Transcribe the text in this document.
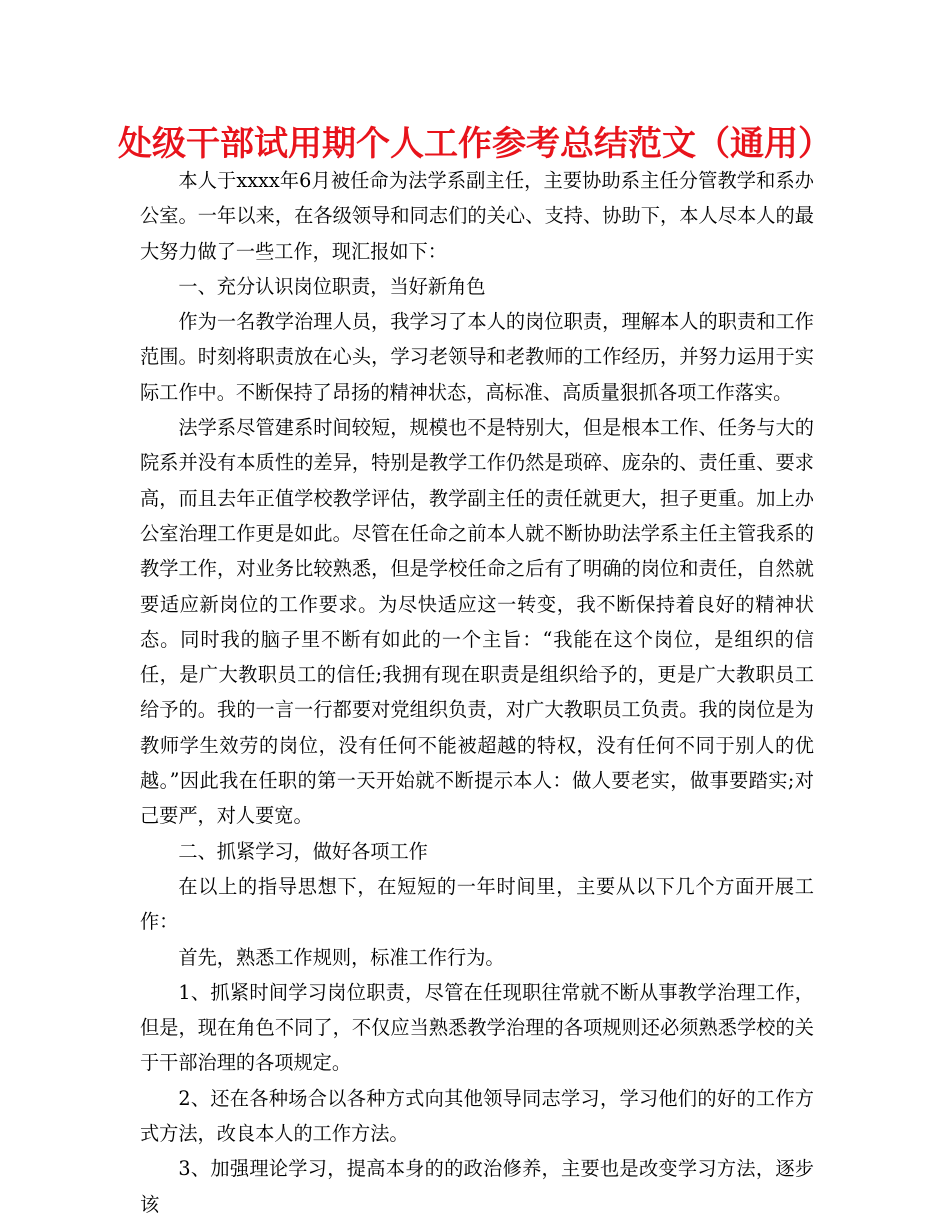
处级干部试用期个人工作参考总结范文（通用）

本人于xxxx年6月被任命为法学系副主任，主要协助系主任分管教学和系办公室。一年以来，在各级领导和同志们的关心、支持、协助下，本人尽本人的最大努力做了一些工作，现汇报如下：

一、充分认识岗位职责，当好新角色

作为一名教学治理人员，我学习了本人的岗位职责，理解本人的职责和工作范围。时刻将职责放在心头，学习老领导和老教师的工作经历，并努力运用于实际工作中。不断保持了昂扬的精神状态，高标准、高质量狠抓各项工作落实。

法学系尽管建系时间较短，规模也不是特别大，但是根本工作、任务与大的院系并没有本质性的差异，特别是教学工作仍然是琐碎、庞杂的、责任重、要求高，而且去年正值学校教学评估，教学副主任的责任就更大，担子更重。加上办公室治理工作更是如此。尽管在任命之前本人就不断协助法学系主任主管我系的教学工作，对业务比较熟悉，但是学校任命之后有了明确的岗位和责任，自然就要适应新岗位的工作要求。为尽快适应这一转变，我不断保持着良好的精神状态。同时我的脑子里不断有如此的一个主旨：“我能在这个岗位，是组织的信任，是广大教职员工的信任;我拥有现在职责是组织给予的，更是广大教职员工给予的。我的一言一行都要对党组织负责，对广大教职员工负责。我的岗位是为教师学生效劳的岗位，没有任何不能被超越的特权，没有任何不同于别人的优越。”因此我在任职的第一天开始就不断提示本人：做人要老实，做事要踏实;对己要严，对人要宽。

二、抓紧学习，做好各项工作

在以上的指导思想下，在短短的一年时间里，主要从以下几个方面开展工作：

首先，熟悉工作规则，标准工作行为。

1、抓紧时间学习岗位职责，尽管在任现职往常就不断从事教学治理工作，但是，现在角色不同了，不仅应当熟悉教学治理的各项规则还必须熟悉学校的关于干部治理的各项规定。

2、还在各种场合以各种方式向其他领导同志学习，学习他们的好的工作方式方法，改良本人的工作方法。

3、加强理论学习，提高本身的的政治修养，主要也是改变学习方法，逐步该
